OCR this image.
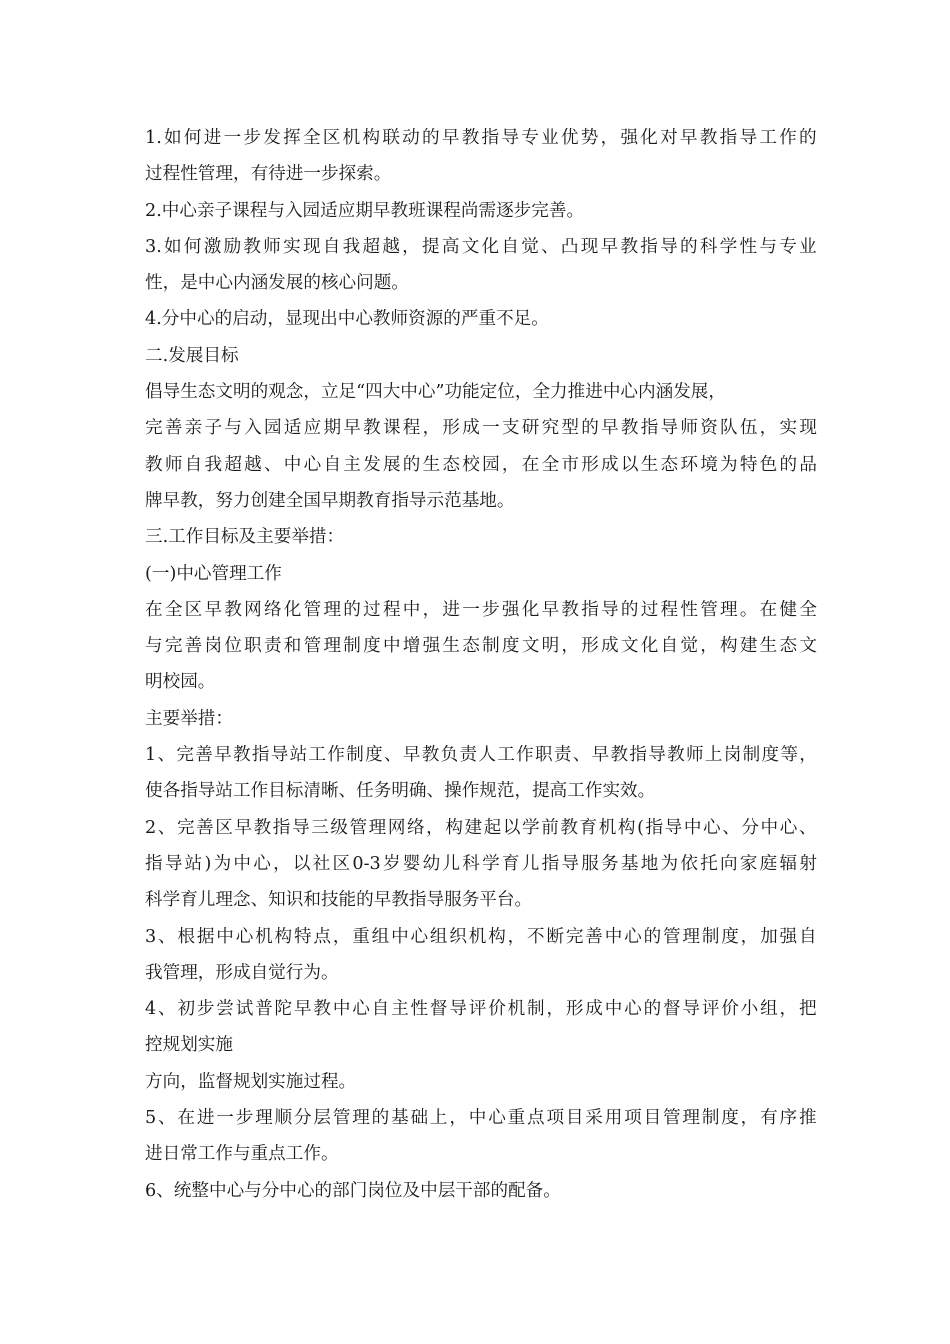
1. 如 何 进 一 步 发 挥 全 区 机 构 联 动 的 早 教 指 导 专 业 优 势 ， 强 化 对 早 教 指 导 工 作 的
过程性管理，有待进一步探索。
2.中心亲子课程与入园适应期早教班课程尚需逐步完善。
3. 如 何 激 励 教 师 实 现 自 我 超 越 ， 提 高 文 化 自 觉 、 凸 现 早 教 指 导 的 科 学 性 与 专 业
性，是中心内涵发展的核心问题。
4.分中心的启动，显现出中心教师资源的严重不足。
二.发展目标
倡导生态文明的观念，立足“四大中心”功能定位，全力推进中心内涵发展，
完 善 亲 子 与 入 园 适 应 期 早 教 课 程 ， 形 成 一 支 研 究 型 的 早 教 指 导 师 资 队 伍 ， 实 现
教 师 自 我 超 越 、 中 心 自 主 发 展 的 生 态 校 园 ， 在 全 市 形 成 以 生 态 环 境 为 特 色 的 品
牌早教，努力创建全国早期教育指导示范基地。
三.工作目标及主要举措：
(一)中心管理工作
在 全 区 早 教 网 络 化 管 理 的 过 程 中 ， 进 一 步 强 化 早 教 指 导 的 过 程 性 管 理 。 在 健 全
与 完 善 岗 位 职 责 和 管 理 制 度 中 增 强 生 态 制 度 文 明 ， 形 成 文 化 自 觉 ， 构 建 生 态 文
明校园。
主要举措：
1 、 完 善 早 教 指 导 站 工 作 制 度 、 早 教 负 责 人 工 作 职 责 、 早 教 指 导 教 师 上 岗 制 度 等 ，
使各指导站工作目标清晰、任务明确、操作规范，提高工作实效。
2 、 完 善 区 早 教 指 导 三 级 管 理 网 络 ， 构 建 起 以 学 前 教 育 机 构 ( 指 导 中 心 、 分 中 心 、
指 导 站 ) 为 中 心 ， 以 社 区 0-3 岁 婴 幼 儿 科 学 育 儿 指 导 服 务 基 地 为 依 托 向 家 庭 辐 射
科学育儿理念、知识和技能的早教指导服务平台。
3 、 根 据 中 心 机 构 特 点 ， 重 组 中 心 组 织 机 构 ， 不 断 完 善 中 心 的 管 理 制 度 ， 加 强 自
我管理，形成自觉行为。
4 、 初 步 尝 试 普 陀 早 教 中 心 自 主 性 督 导 评 价 机 制 ， 形 成 中 心 的 督 导 评 价 小 组 ， 把
控规划实施
方向，监督规划实施过程。
5 、 在 进 一 步 理 顺 分 层 管 理 的 基 础 上 ， 中 心 重 点 项 目 采 用 项 目 管 理 制 度 ， 有 序 推
进日常工作与重点工作。
6、统整中心与分中心的部门岗位及中层干部的配备。
